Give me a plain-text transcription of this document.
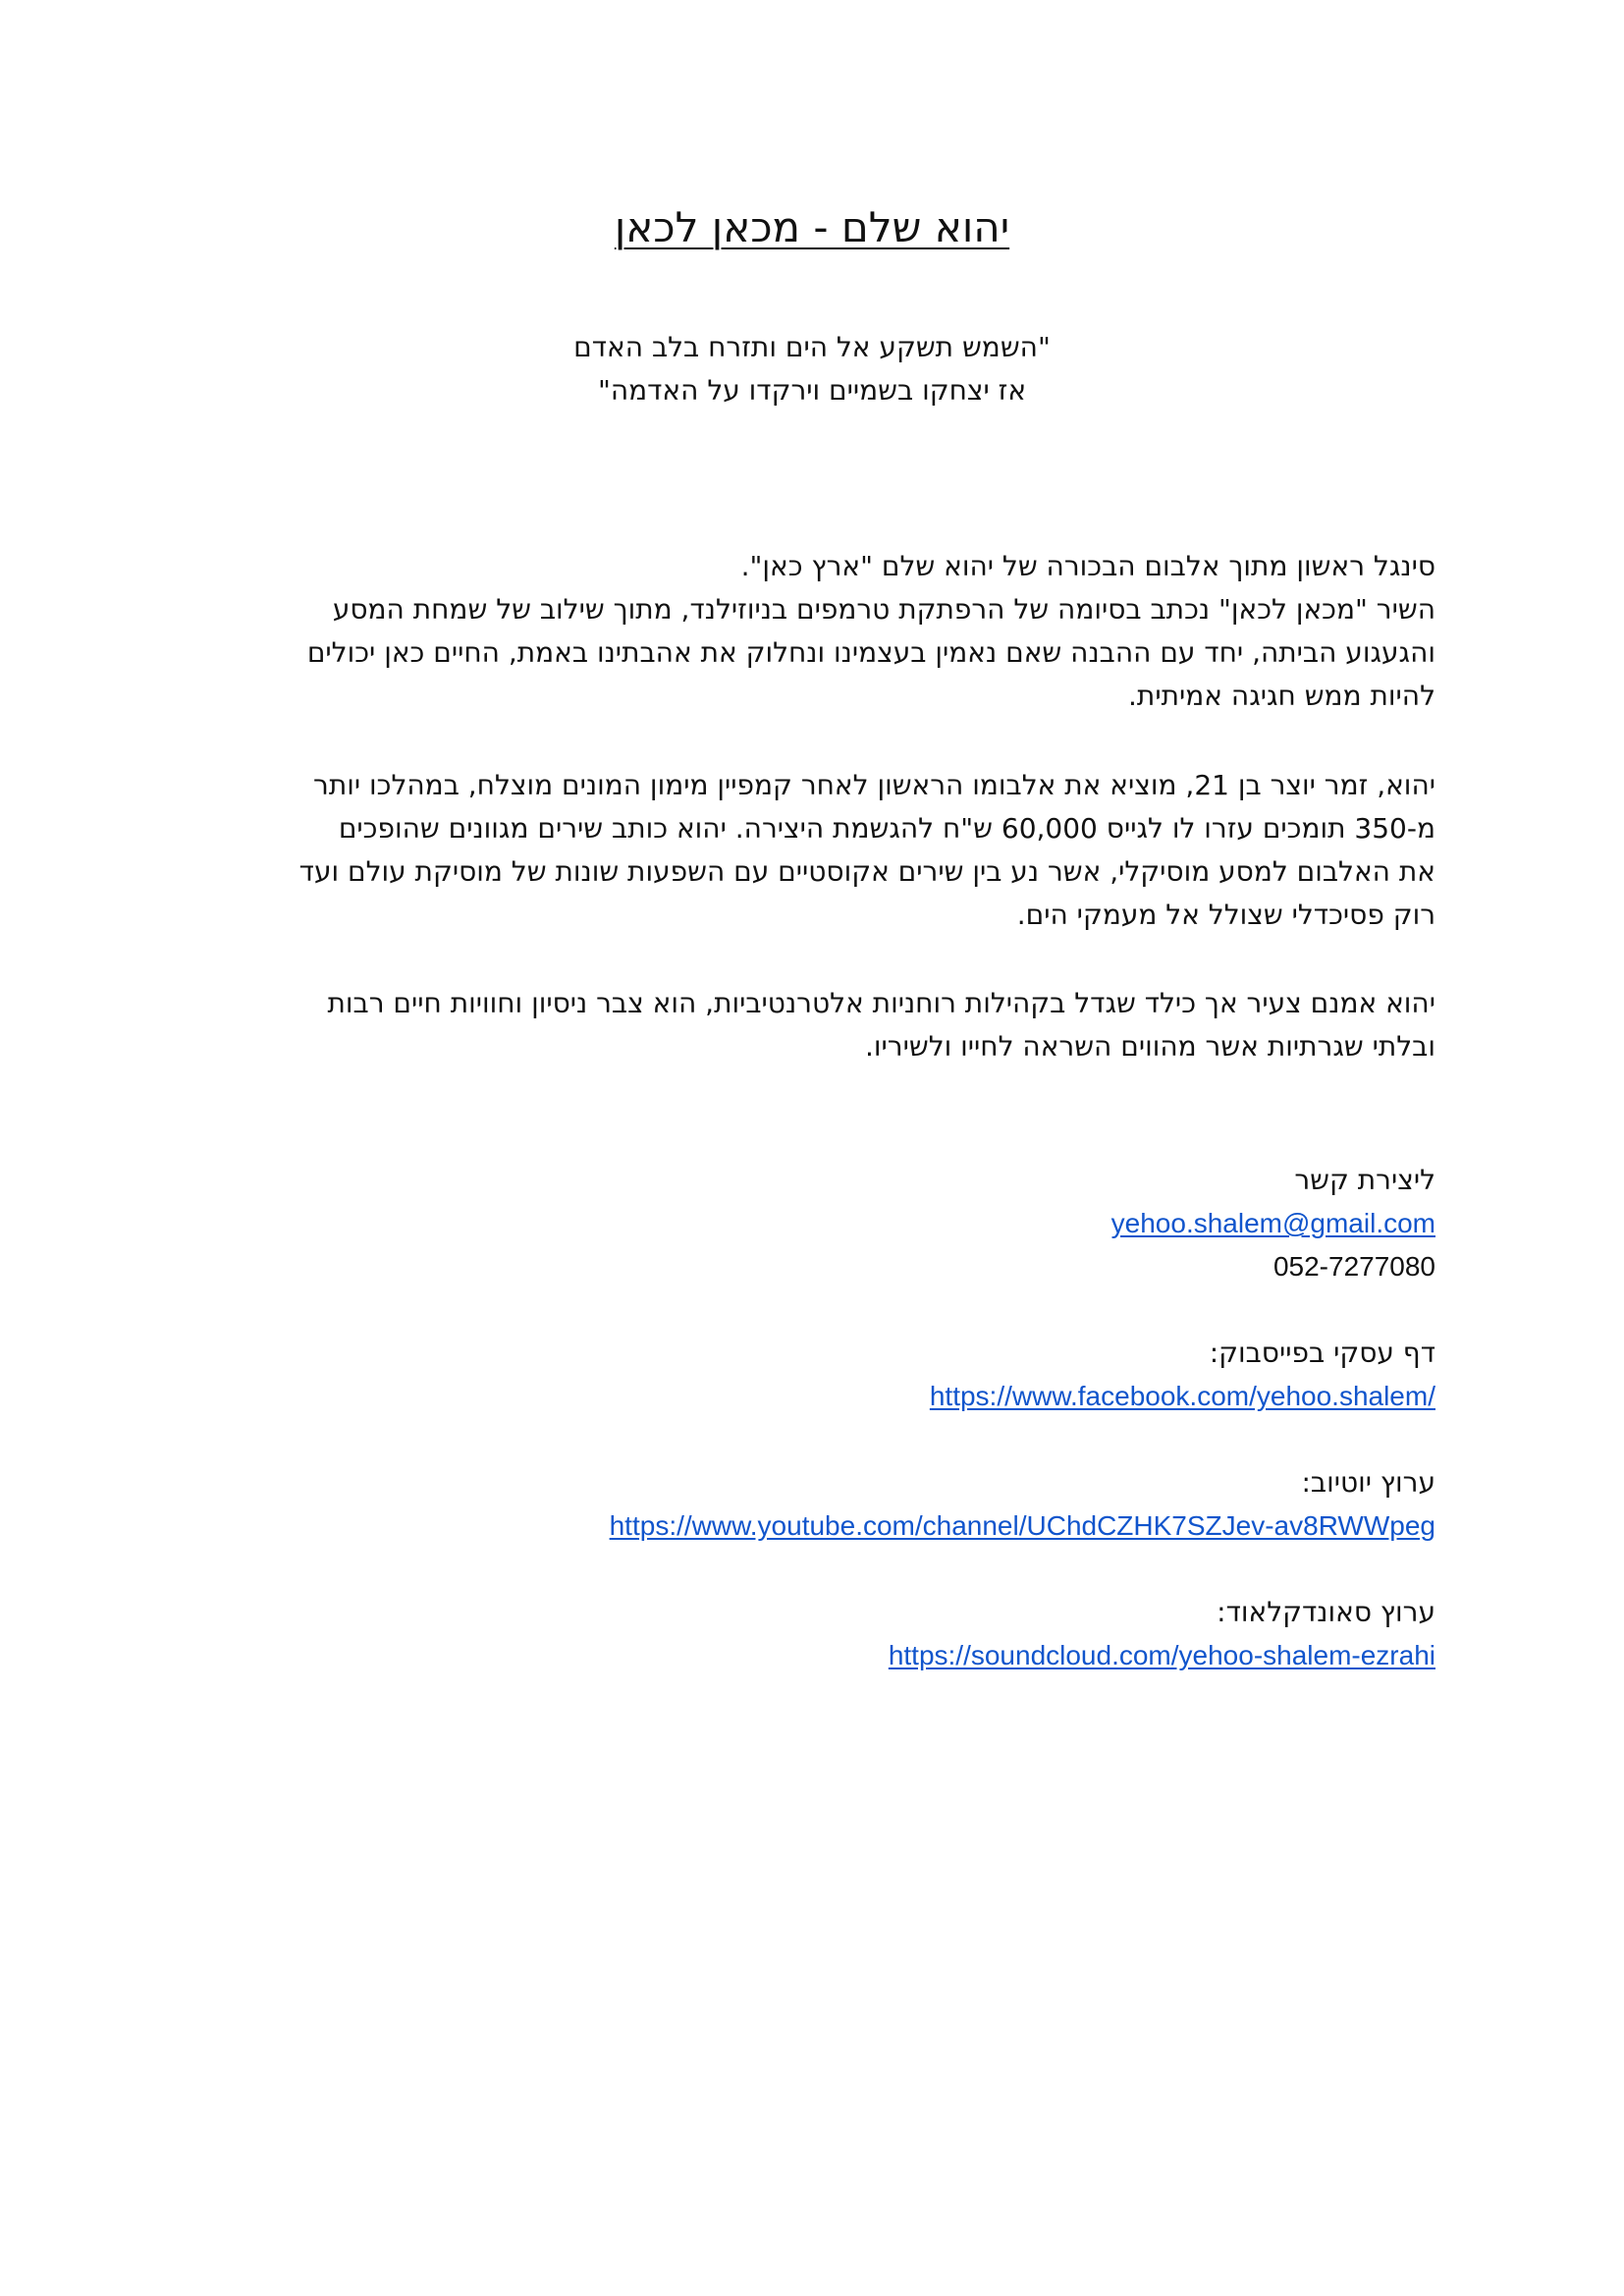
יהוא שלם - מכאן לכאן
"השמש תשקע אל הים ותזרח בלב האדם
אז יצחקו בשמיים וירקדו על האדמה"
סינגל ראשון מתוך אלבום הבכורה של יהוא שלם "ארץ כאן".
השיר "מכאן לכאן" נכתב בסיומה של הרפתקת טרמפים בניוזילנד, מתוך שילוב של שמחת המסע
והגעגוע הביתה, יחד עם ההבנה שאם נאמין בעצמינו ונחלוק את אהבתינו באמת, החיים כאן יכולים
להיות ממש חגיגה אמיתית.
יהוא, זמר יוצר בן 21, מוציא את אלבומו הראשון לאחר קמפיין מימון המונים מוצלח, במהלכו יותר
מ-350 תומכים עזרו לו לגייס 60,000 ש"ח להגשמת היצירה. יהוא כותב שירים מגוונים שהופכים
את האלבום למסע מוסיקלי, אשר נע בין שירים אקוסטיים עם השפעות שונות של מוסיקת עולם ועד
רוק פסיכדלי שצולל אל מעמקי הים.
יהוא אמנם צעיר אך כילד שגדל בקהילות רוחניות אלטרנטיביות, הוא צבר ניסיון וחוויות חיים רבות
ובלתי שגרתיות אשר מהווים השראה לחייו ולשיריו.
ליצירת קשר
yehoo.shalem@gmail.com
052-7277080
דף עסקי בפייסבוק:
https://www.facebook.com/yehoo.shalem/
ערוץ יוטיוב:
https://www.youtube.com/channel/UChdCZHK7SZJev-av8RWWpeg
ערוץ סאונדקלאוד:
https://soundcloud.com/yehoo-shalem-ezrahi
